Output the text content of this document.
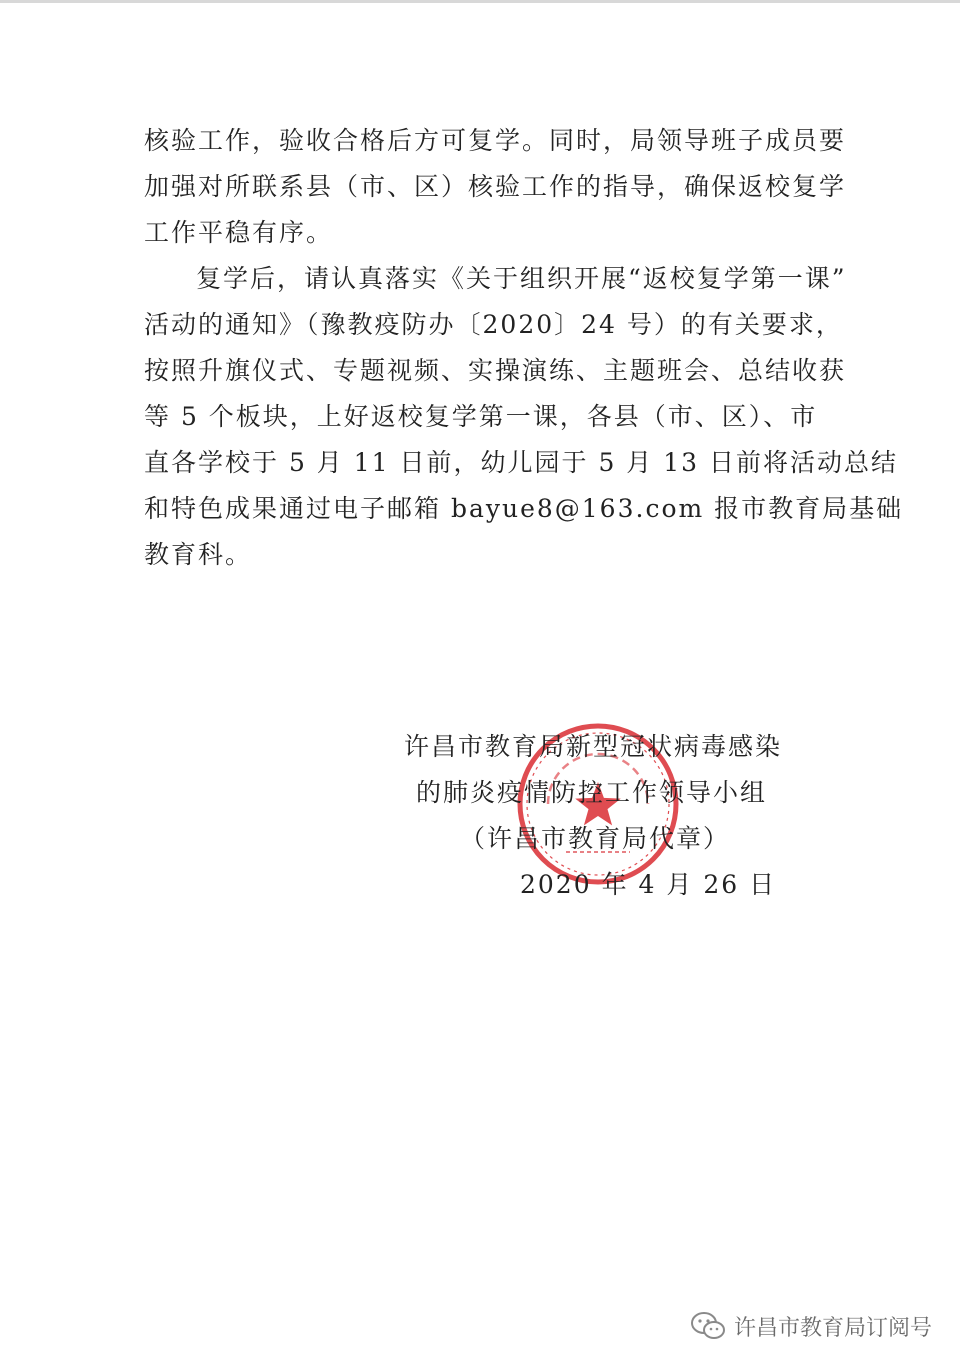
核验工作，验收合格后方可复学。同时，局领导班子成员要
加强对所联系县（市、区）核验工作的指导，确保返校复学
工作平稳有序。
复学后，请认真落实《关于组织开展“返校复学第一课”
活动的通知》（豫教疫防办〔2020〕24 号）的有关要求，
按照升旗仪式、专题视频、实操演练、主题班会、总结收获
等 5 个板块，上好返校复学第一课，各县（市、区）、市
直各学校于 5 月 11 日前，幼儿园于 5 月 13 日前将活动总结
和特色成果通过电子邮箱 bayue8@163.com 报市教育局基础
教育科。
许昌市教育局新型冠状病毒感染
的肺炎疫情防控工作领导小组
（许昌市教育局代章）
2020 年 4 月 26 日
许昌市教育局订阅号
